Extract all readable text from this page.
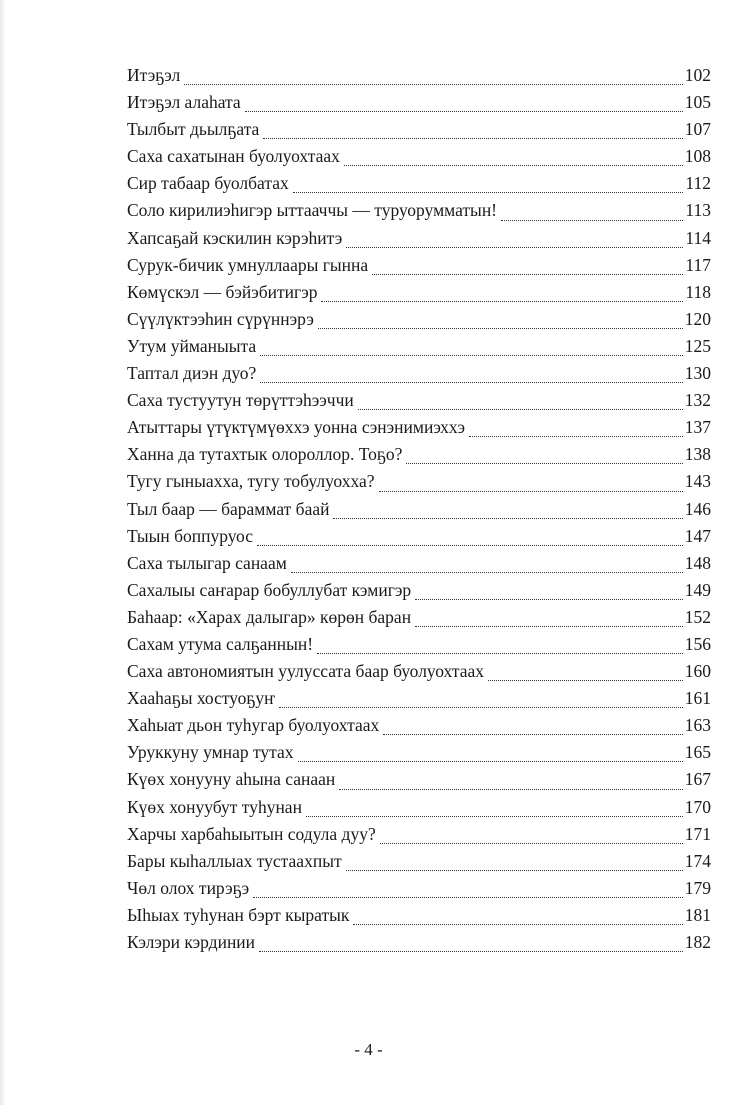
Итэҕэл	102
Итэҕэл алаһата	105
Тылбыт дьылҕата	107
Саха сахатынан буолуохтаах	108
Сир табаар буолбатах	112
Соло кирилиэһигэр ыттааччы — туруорумматын!	113
Хапсаҕай кэскилин кэрэһитэ	114
Сурук-бичик умнуллаары гынна	117
Көмүскэл — бэйэбитигэр	118
Сүүлүктээһин сүрүннэрэ	120
Утум уйманыыта	125
Таптал диэн дуо?	130
Саха тустуутун төрүттэһээччи	132
Атыттары үтүктүмүөххэ уонна сэнэнимиэххэ	137
Ханна да тутахтык олороллор. Тоҕо?	138
Тугу гыныахха, тугу тобулуохха?	143
Тыл баар — бараммат баай	146
Тыын боппуруос	147
Саха тылыгар санаам	148
Сахалыы саҥарар бобуллубат кэмигэр	149
Баһаар: «Харах далыгар» көрөн баран	152
Сахам утума салҕаннын!	156
Саха автономиятын уулуссата баар буолуохтаах	160
Хааһаҕы хостуоҕуҥ	161
Хаһыат дьон туһугар буолуохтаах	163
Уруккуну умнар тутах	165
Күөх хонууну аһына санаан	167
Күөх хонуубут туһунан	170
Харчы харбаһыытын содула дуу?	171
Бары кыһаллыах тустаахпыт	174
Чөл олох тирэҕэ	179
Ыһыах туһунан бэрт кыратык	181
Кэлэри кэрдинии	182
- 4 -
